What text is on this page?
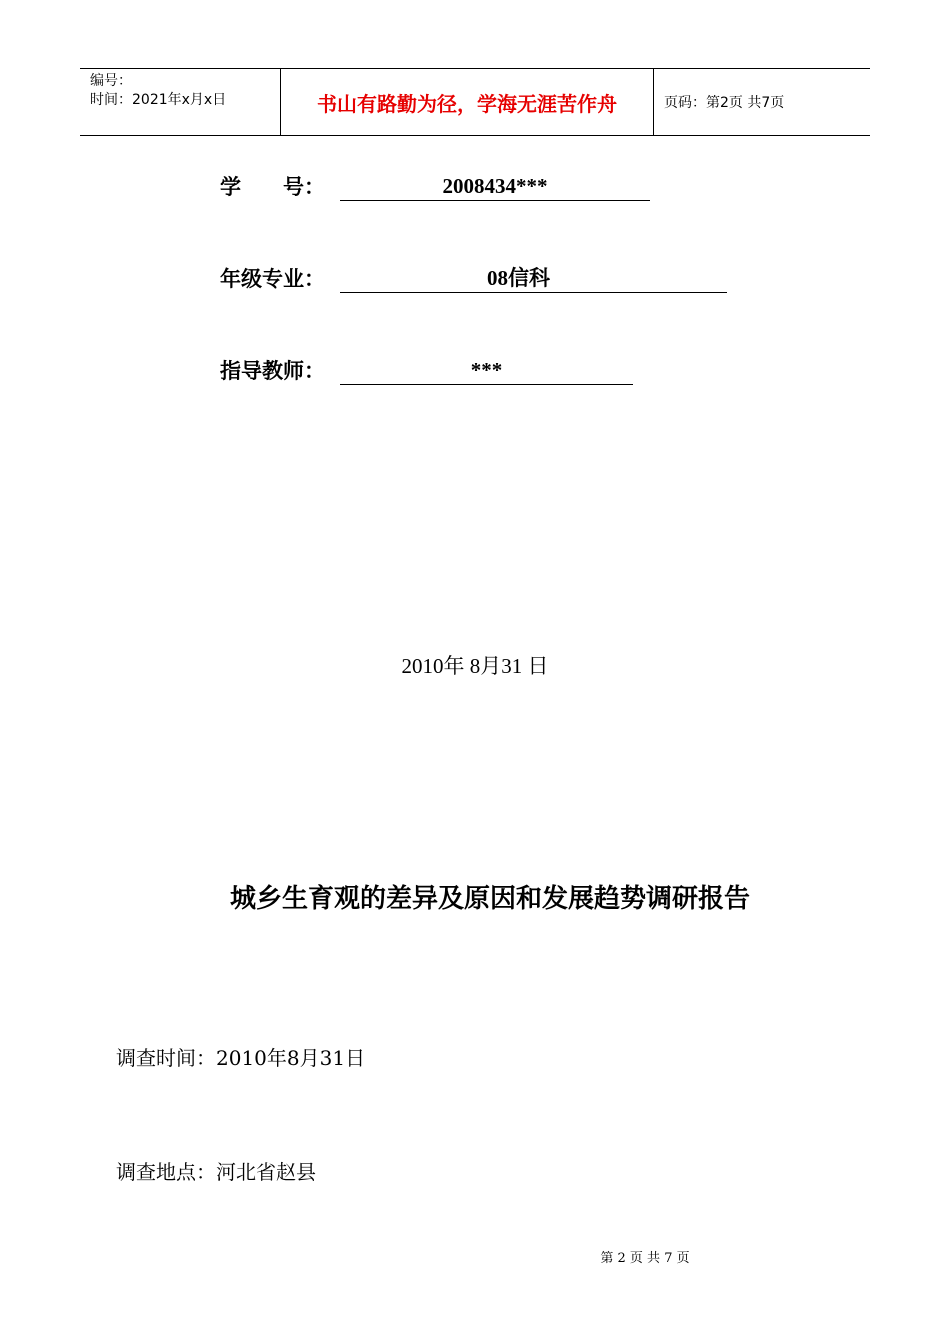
编号：
时间：2021年x月x日	书山有路勤为径，学海无涯苦作舟	页码：第2页 共7页
学　　号：	2008434***
年级专业：	08信科
指导教师：	***
2010年 8月31 日
城乡生育观的差异及原因和发展趋势调研报告
调查时间：2010年8月31日
调查地点：河北省赵县
第 2 页 共 7 页
